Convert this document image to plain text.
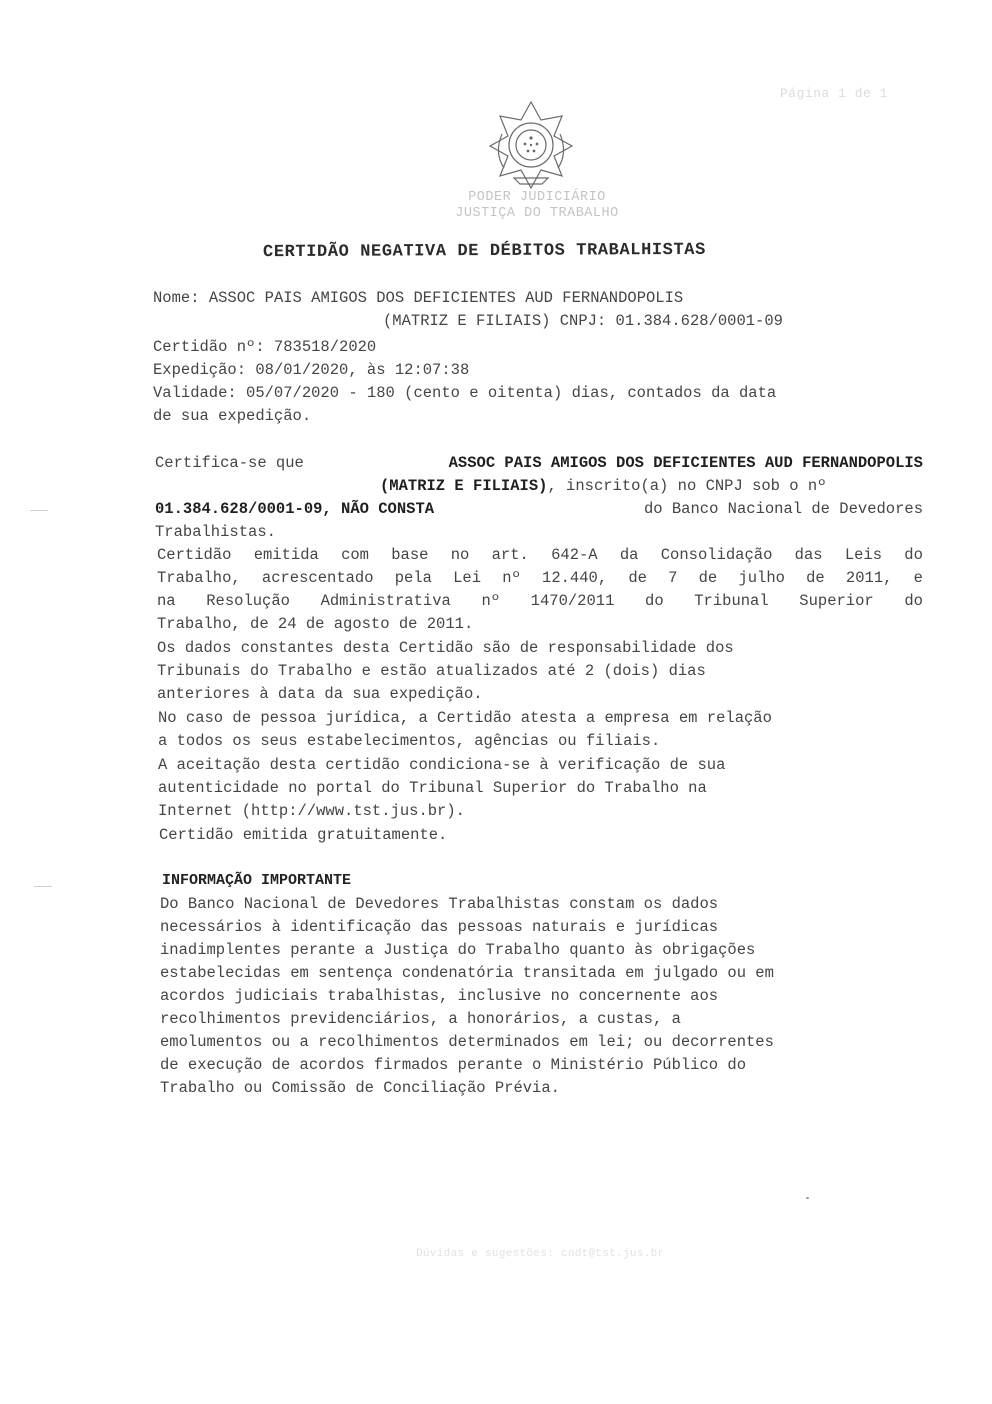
Página 1 de 1
PODER JUDICIÁRIO
JUSTIÇA DO TRABALHO
CERTIDÃO NEGATIVA DE DÉBITOS TRABALHISTAS
Nome: ASSOC PAIS AMIGOS DOS DEFICIENTES AUD FERNANDOPOLIS
(MATRIZ E FILIAIS) CNPJ: 01.384.628/0001-09
Certidão nº: 783518/2020
Expedição: 08/01/2020, às 12:07:38
Validade: 05/07/2020 - 180 (cento e oitenta) dias, contados da data
de sua expedição.
Certifica-se que	ASSOC PAIS AMIGOS DOS DEFICIENTES AUD FERNANDOPOLIS
(MATRIZ E FILIAIS), inscrito(a) no CNPJ sob o nº
01.384.628/0001-09, NÃO CONSTA	do Banco Nacional de Devedores
Trabalhistas.
Certidão emitida com base no art. 642-A da Consolidação das Leis do
Trabalho, acrescentado pela Lei nº 12.440, de 7 de julho de 2011, e
na Resolução Administrativa nº 1470/2011 do Tribunal Superior do
Trabalho, de 24 de agosto de 2011.
Os dados constantes desta Certidão são de responsabilidade dos
Tribunais do Trabalho e estão atualizados até 2 (dois) dias
anteriores à data da sua expedição.
No caso de pessoa jurídica, a Certidão atesta a empresa em relação
a todos os seus estabelecimentos, agências ou filiais.
A aceitação desta certidão condiciona-se à verificação de sua
autenticidade no portal do Tribunal Superior do Trabalho na
Internet (http://www.tst.jus.br).
Certidão emitida gratuitamente.
INFORMAÇÃO IMPORTANTE
Do Banco Nacional de Devedores Trabalhistas constam os dados
necessários à identificação das pessoas naturais e jurídicas
inadimplentes perante a Justiça do Trabalho quanto às obrigações
estabelecidas em sentença condenatória transitada em julgado ou em
acordos judiciais trabalhistas, inclusive no concernente aos
recolhimentos previdenciários, a honorários, a custas, a
emolumentos ou a recolhimentos determinados em lei; ou decorrentes
de execução de acordos firmados perante o Ministério Público do
Trabalho ou Comissão de Conciliação Prévia.
Dúvidas e sugestões: cndt@tst.jus.br
